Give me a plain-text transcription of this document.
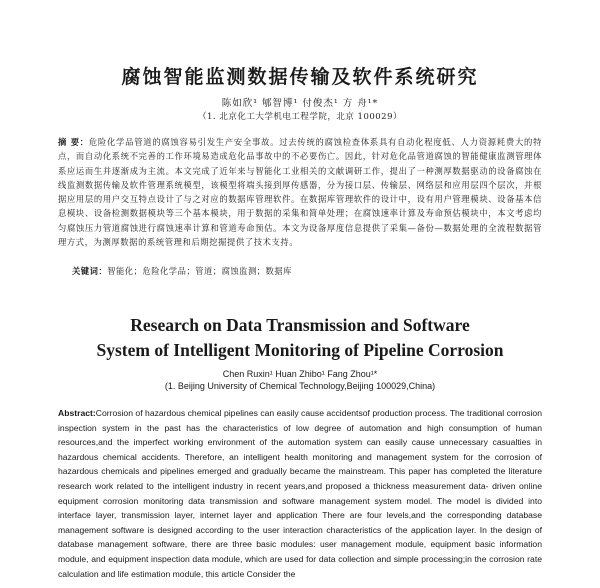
腐蚀智能监测数据传输及软件系统研究
陈如欣¹ 郇智博¹ 付俊杰¹ 方 舟¹*
（1. 北京化工大学机电工程学院，北京 100029）
摘 要：危险化学品管道的腐蚀容易引发生产安全事故。过去传统的腐蚀检查体系具有自动化程度低、人力资源耗费大的特点，而自动化系统不完善的工作环境易造成危化品事故中的不必要伤亡。因此，针对危化品管道腐蚀的智能健康监测管理体系应运而生并逐渐成为主流。本文完成了近年来与智能化工业相关的文献调研工作，提出了一种测厚数据驱动的设备腐蚀在线监测数据传输及软件管理系统模型，该模型将端头接到厚传感器，分为接口层、传输层、网络层和应用层四个层次，并根据应用层的用户交互特点设计了与之对应的数据库管理软件。在数据库管理软件的设计中，设有用户管理模块、设备基本信息模块、设备检测数据模块等三个基本模块，用于数据的采集和简单处理；在腐蚀速率计算及寿命预估模块中，本文考虑均匀腐蚀压力管道腐蚀进行腐蚀速率计算和管道寿命预估。本文为设备厚度信息提供了采集—备份—数据处理的全流程数据管理方式，为测厚数据的系统管理和后期挖掘提供了技术支持。
关键词：智能化；危险化学品；管道；腐蚀监测；数据库
Research on Data Transmission and Software
System of Intelligent Monitoring of Pipeline Corrosion
Chen Ruxin¹ Huan Zhibo¹ Fang Zhou¹*
(1. Beijing University of Chemical Technology,Beijing 100029,China)
Abstract:Corrosion of hazardous chemical pipelines can easily cause accidentsof production process. The traditional corrosion inspection system in the past has the characteristics of low degree of automation and high consumption of human resources,and the imperfect working environment of the automation system can easily cause unnecessary casualties in hazardous chemical accidents. Therefore, an intelligent health monitoring and management system for the corrosion of hazardous chemicals and pipelines emerged and gradually became the mainstream. This paper has completed the literature research work related to the intelligent industry in recent years,and proposed a thickness measurement data- driven online equipment corrosion monitoring data transmission and software management system model. The model is divided into interface layer, transmission layer, internet layer and application There are four levels,and the corresponding database management software is designed according to the user interaction characteristics of the application layer. In the design of database management software, there are three basic modules: user management module, equipment basic information module, and equipment inspection data module, which are used for data collection and simple processing;in the corrosion rate calculation and life estimation module, this article Consider the
